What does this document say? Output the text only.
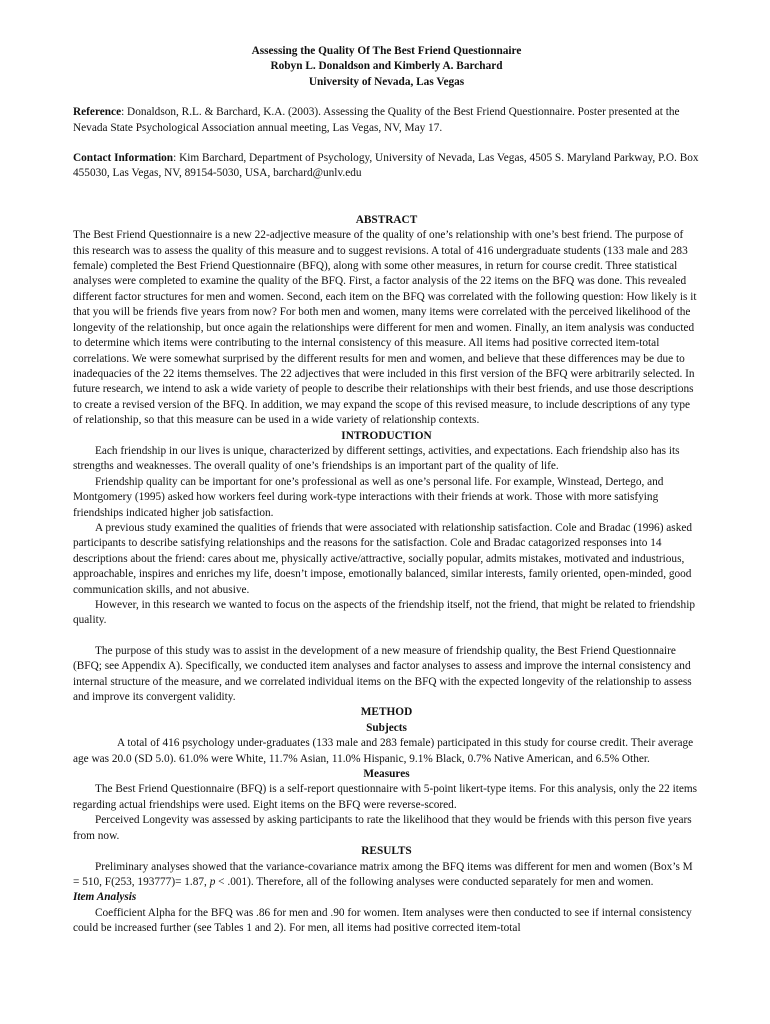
Assessing the Quality Of The Best Friend Questionnaire
Robyn L. Donaldson and Kimberly A. Barchard
University of Nevada, Las Vegas

Reference: Donaldson, R.L. & Barchard, K.A. (2003). Assessing the Quality of the Best Friend Questionnaire. Poster presented at the Nevada State Psychological Association annual meeting, Las Vegas, NV, May 17.

Contact Information: Kim Barchard, Department of Psychology, University of Nevada, Las Vegas, 4505 S. Maryland Parkway, P.O. Box 455030, Las Vegas, NV, 89154-5030, USA, barchard@unlv.edu

ABSTRACT

The Best Friend Questionnaire is a new 22-adjective measure of the quality of one’s relationship with one’s best friend. The purpose of this research was to assess the quality of this measure and to suggest revisions. A total of 416 undergraduate students (133 male and 283 female) completed the Best Friend Questionnaire (BFQ), along with some other measures, in return for course credit. Three statistical analyses were completed to examine the quality of the BFQ. First, a factor analysis of the 22 items on the BFQ was done. This revealed different factor structures for men and women. Second, each item on the BFQ was correlated with the following question: How likely is it that you will be friends five years from now? For both men and women, many items were correlated with the perceived likelihood of the longevity of the relationship, but once again the relationships were different for men and women. Finally, an item analysis was conducted to determine which items were contributing to the internal consistency of this measure. All items had positive corrected item-total correlations. We were somewhat surprised by the different results for men and women, and believe that these differences may be due to inadequacies of the 22 items themselves. The 22 adjectives that were included in this first version of the BFQ were arbitrarily selected. In future research, we intend to ask a wide variety of people to describe their relationships with their best friends, and use those descriptions to create a revised version of the BFQ. In addition, we may expand the scope of this revised measure, to include descriptions of any type of relationship, so that this measure can be used in a wide variety of relationship contexts.

INTRODUCTION

Each friendship in our lives is unique, characterized by different settings, activities, and expectations. Each friendship also has its strengths and weaknesses. The overall quality of one’s friendships is an important part of the quality of life.

Friendship quality can be important for one’s professional as well as one’s personal life. For example, Winstead, Dertego, and Montgomery (1995) asked how workers feel during work-type interactions with their friends at work. Those with more satisfying friendships indicated higher job satisfaction.

A previous study examined the qualities of friends that were associated with relationship satisfaction. Cole and Bradac (1996) asked participants to describe satisfying relationships and the reasons for the satisfaction. Cole and Bradac catagorized responses into 14 descriptions about the friend: cares about me, physically active/attractive, socially popular, admits mistakes, motivated and industrious, approachable, inspires and enriches my life, doesn’t impose, emotionally balanced, similar interests, family oriented, open-minded, good communication skills, and not abusive.

However, in this research we wanted to focus on the aspects of the friendship itself, not the friend, that might be related to friendship quality.

The purpose of this study was to assist in the development of a new measure of friendship quality, the Best Friend Questionnaire (BFQ; see Appendix A). Specifically, we conducted item analyses and factor analyses to assess and improve the internal consistency and internal structure of the measure, and we correlated individual items on the BFQ with the expected longevity of the relationship to assess and improve its convergent validity.

METHOD
Subjects

A total of 416 psychology under-graduates (133 male and 283 female) participated in this study for course credit. Their average age was 20.0 (SD 5.0). 61.0% were White, 11.7% Asian, 11.0% Hispanic, 9.1% Black, 0.7% Native American, and 6.5% Other.

Measures

The Best Friend Questionnaire (BFQ) is a self-report questionnaire with 5-point likert-type items. For this analysis, only the 22 items regarding actual friendships were used. Eight items on the BFQ were reverse-scored.

Perceived Longevity was assessed by asking participants to rate the likelihood that they would be friends with this person five years from now.

RESULTS

Preliminary analyses showed that the variance-covariance matrix among the BFQ items was different for men and women (Box’s M = 510, F(253, 193777)= 1.87, p < .001). Therefore, all of the following analyses were conducted separately for men and women.

Item Analysis

Coefficient Alpha for the BFQ was .86 for men and .90 for women. Item analyses were then conducted to see if internal consistency could be increased further (see Tables 1 and 2). For men, all items had positive corrected item-total
